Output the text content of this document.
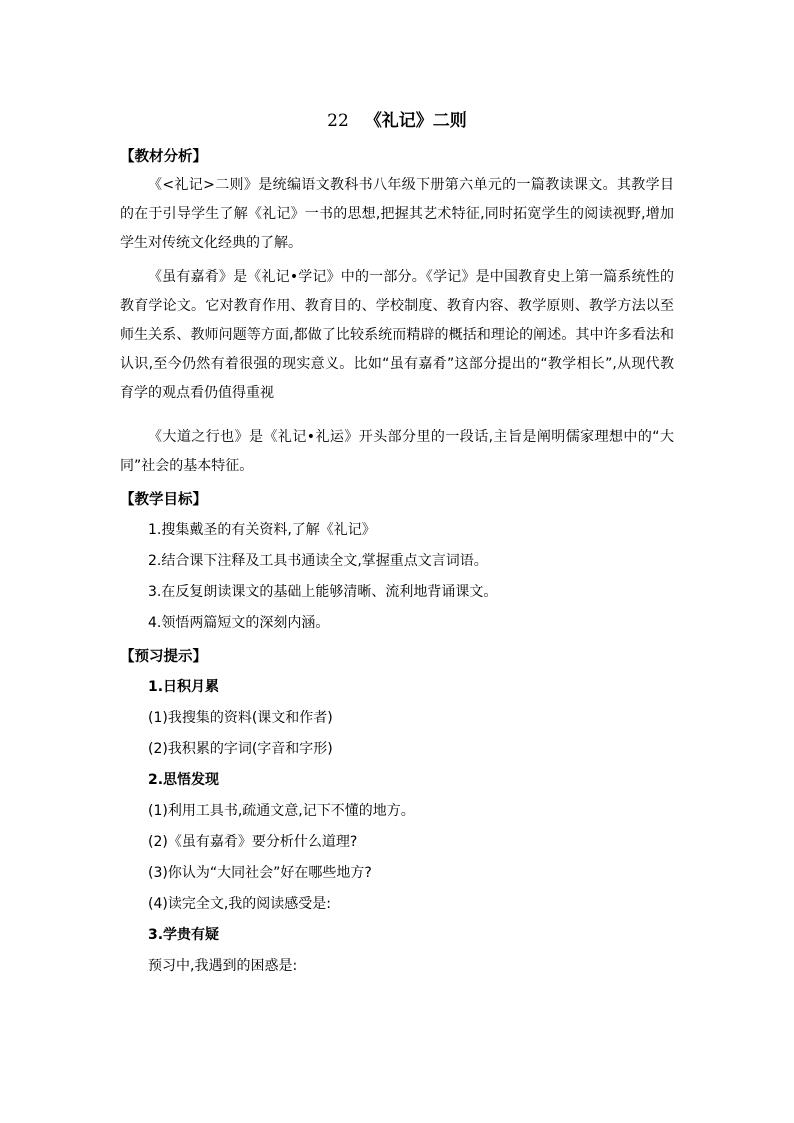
22 《礼记》二则
【教材分析】

《<礼记>二则》是统编语文教科书八年级下册第六单元的一篇教读课文。其教学目的在于引导学生了解《礼记》一书的思想,把握其艺术特征,同时拓宽学生的阅读视野,增加学生对传统文化经典的了解。

《虽有嘉肴》是《礼记•学记》中的一部分。《学记》是中国教育史上第一篇系统性的教育学论文。它对教育作用、教育目的、学校制度、教育内容、教学原则、教学方法以至师生关系、教师问题等方面,都做了比较系统而精辟的概括和理论的阐述。其中许多看法和认识,至今仍然有着很强的现实意义。比如“虽有嘉肴”这部分提出的“教学相长”,从现代教育学的观点看仍值得重视

《大道之行也》是《礼记•礼运》开头部分里的一段话,主旨是阐明儒家理想中的“大同”社会的基本特征。

【教学目标】
1.搜集戴圣的有关资料,了解《礼记》
2.结合课下注释及工具书通读全文,掌握重点文言词语。
3.在反复朗读课文的基础上能够清晰、流利地背诵课文。
4.领悟两篇短文的深刻内涵。
【预习提示】
1.日积月累
(1)我搜集的资料(课文和作者)
(2)我积累的字词(字音和字形)
2.思悟发现
(1)利用工具书,疏通文意,记下不懂的地方。
(2)《虽有嘉肴》要分析什么道理?
(3)你认为“大同社会”好在哪些地方?
(4)读完全文,我的阅读感受是:
3.学贵有疑
预习中,我遇到的困惑是:
